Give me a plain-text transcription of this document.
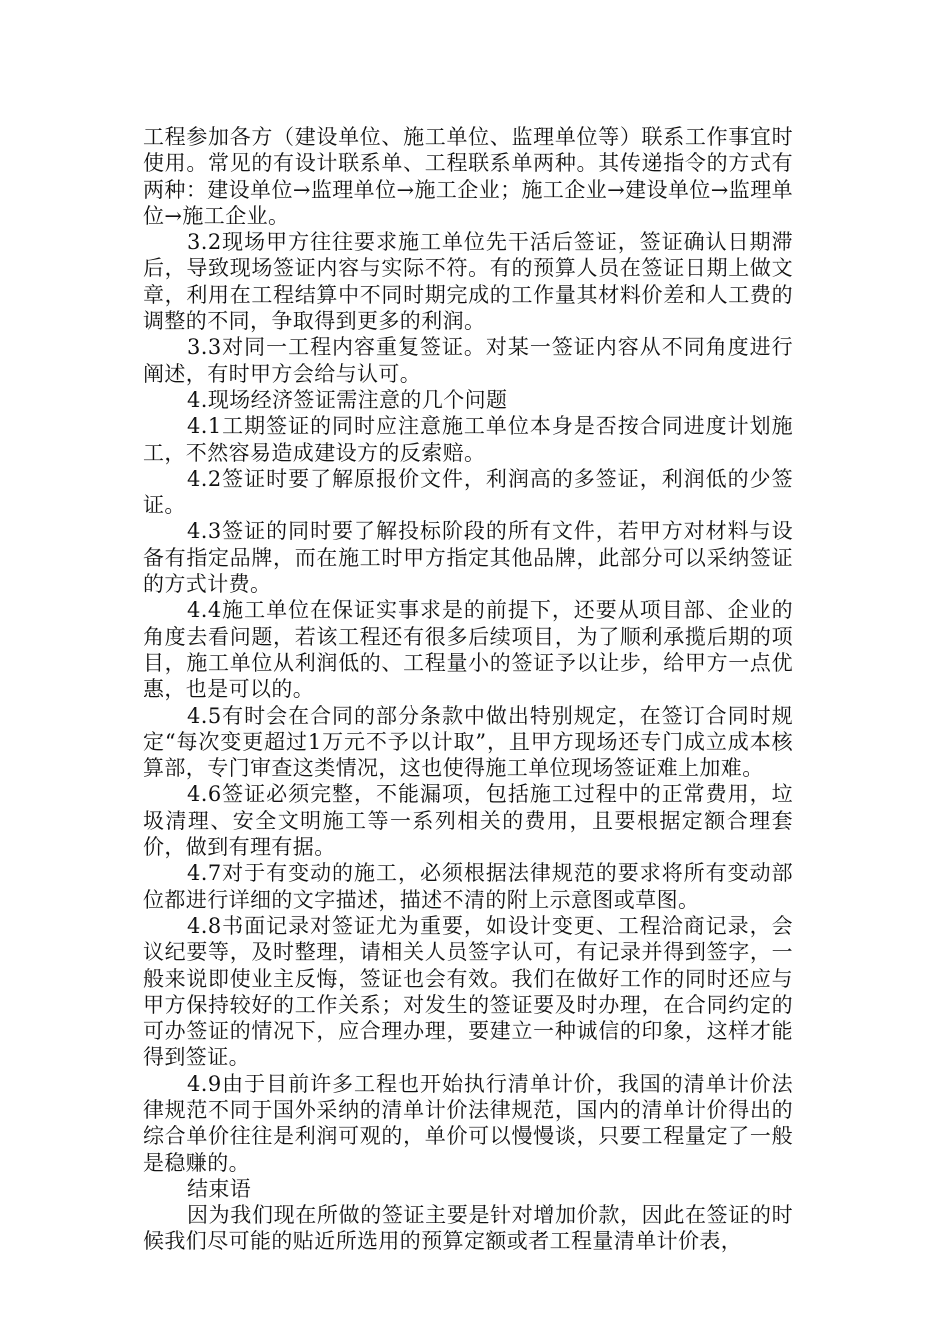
工程参加各方（建设单位、施工单位、监理单位等）联系工作事宜时使用。常见的有设计联系单、工程联系单两种。其传递指令的方式有两种：建设单位→监理单位→施工企业；施工企业→建设单位→监理单位→施工企业。

3.2现场甲方往往要求施工单位先干活后签证，签证确认日期滞后，导致现场签证内容与实际不符。有的预算人员在签证日期上做文章，利用在工程结算中不同时期完成的工作量其材料价差和人工费的调整的不同，争取得到更多的利润。

3.3对同一工程内容重复签证。对某一签证内容从不同角度进行阐述，有时甲方会给与认可。

4.现场经济签证需注意的几个问题

4.1工期签证的同时应注意施工单位本身是否按合同进度计划施工，不然容易造成建设方的反索赔。

4.2签证时要了解原报价文件，利润高的多签证，利润低的少签证。

4.3签证的同时要了解投标阶段的所有文件，若甲方对材料与设备有指定品牌，而在施工时甲方指定其他品牌，此部分可以采纳签证的方式计费。

4.4施工单位在保证实事求是的前提下，还要从项目部、企业的角度去看问题，若该工程还有很多后续项目，为了顺利承揽后期的项目，施工单位从利润低的、工程量小的签证予以让步，给甲方一点优惠，也是可以的。

4.5有时会在合同的部分条款中做出特别规定，在签订合同时规定“每次变更超过1万元不予以计取”，且甲方现场还专门成立成本核算部，专门审查这类情况，这也使得施工单位现场签证难上加难。

4.6签证必须完整，不能漏项，包括施工过程中的正常费用，垃圾清理、安全文明施工等一系列相关的费用，且要根据定额合理套价，做到有理有据。

4.7对于有变动的施工，必须根据法律规范的要求将所有变动部位都进行详细的文字描述，描述不清的附上示意图或草图。

4.8书面记录对签证尤为重要，如设计变更、工程洽商记录，会议纪要等，及时整理，请相关人员签字认可，有记录并得到签字，一般来说即使业主反悔，签证也会有效。我们在做好工作的同时还应与甲方保持较好的工作关系；对发生的签证要及时办理，在合同约定的可办签证的情况下，应合理办理，要建立一种诚信的印象，这样才能得到签证。

4.9由于目前许多工程也开始执行清单计价，我国的清单计价法律规范不同于国外采纳的清单计价法律规范，国内的清单计价得出的综合单价往往是利润可观的，单价可以慢慢谈，只要工程量定了一般是稳赚的。

结束语

因为我们现在所做的签证主要是针对增加价款，因此在签证的时候我们尽可能的贴近所选用的预算定额或者工程量清单计价表，
